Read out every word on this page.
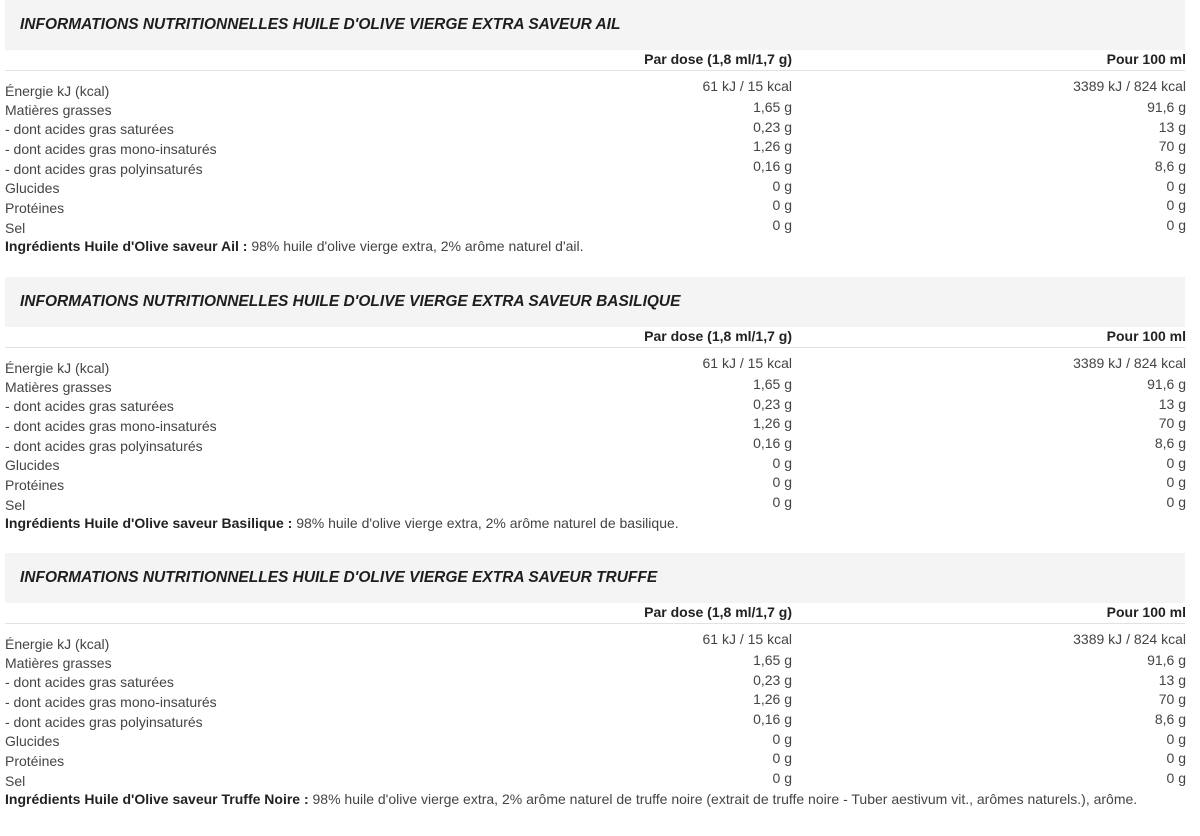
INFORMATIONS NUTRITIONNELLES HUILE D'OLIVE VIERGE EXTRA SAVEUR AIL
Par dose (1,8 ml/1,7 g)	Pour 100 ml
Énergie kJ (kcal)	61 kJ / 15 kcal	3389 kJ / 824 kcal
Matières grasses	1,65 g	91,6 g
- dont acides gras saturées	0,23 g	13 g
- dont acides gras mono-insaturés	1,26 g	70 g
- dont acides gras polyinsaturés	0,16 g	8,6 g
Glucides	0 g	0 g
Protéines	0 g	0 g
Sel	0 g	0 g
Ingrédients Huile d'Olive saveur Ail : 98% huile d'olive vierge extra, 2% arôme naturel d'ail.
INFORMATIONS NUTRITIONNELLES HUILE D'OLIVE VIERGE EXTRA SAVEUR BASILIQUE
Par dose (1,8 ml/1,7 g)	Pour 100 ml
Énergie kJ (kcal)	61 kJ / 15 kcal	3389 kJ / 824 kcal
Matières grasses	1,65 g	91,6 g
- dont acides gras saturées	0,23 g	13 g
- dont acides gras mono-insaturés	1,26 g	70 g
- dont acides gras polyinsaturés	0,16 g	8,6 g
Glucides	0 g	0 g
Protéines	0 g	0 g
Sel	0 g	0 g
Ingrédients Huile d'Olive saveur Basilique : 98% huile d'olive vierge extra, 2% arôme naturel de basilique.
INFORMATIONS NUTRITIONNELLES HUILE D'OLIVE VIERGE EXTRA SAVEUR TRUFFE
Par dose (1,8 ml/1,7 g)	Pour 100 ml
Énergie kJ (kcal)	61 kJ / 15 kcal	3389 kJ / 824 kcal
Matières grasses	1,65 g	91,6 g
- dont acides gras saturées	0,23 g	13 g
- dont acides gras mono-insaturés	1,26 g	70 g
- dont acides gras polyinsaturés	0,16 g	8,6 g
Glucides	0 g	0 g
Protéines	0 g	0 g
Sel	0 g	0 g
Ingrédients Huile d'Olive saveur Truffe Noire : 98% huile d'olive vierge extra, 2% arôme naturel de truffe noire (extrait de truffe noire - Tuber aestivum vit., arômes naturels.), arôme.
